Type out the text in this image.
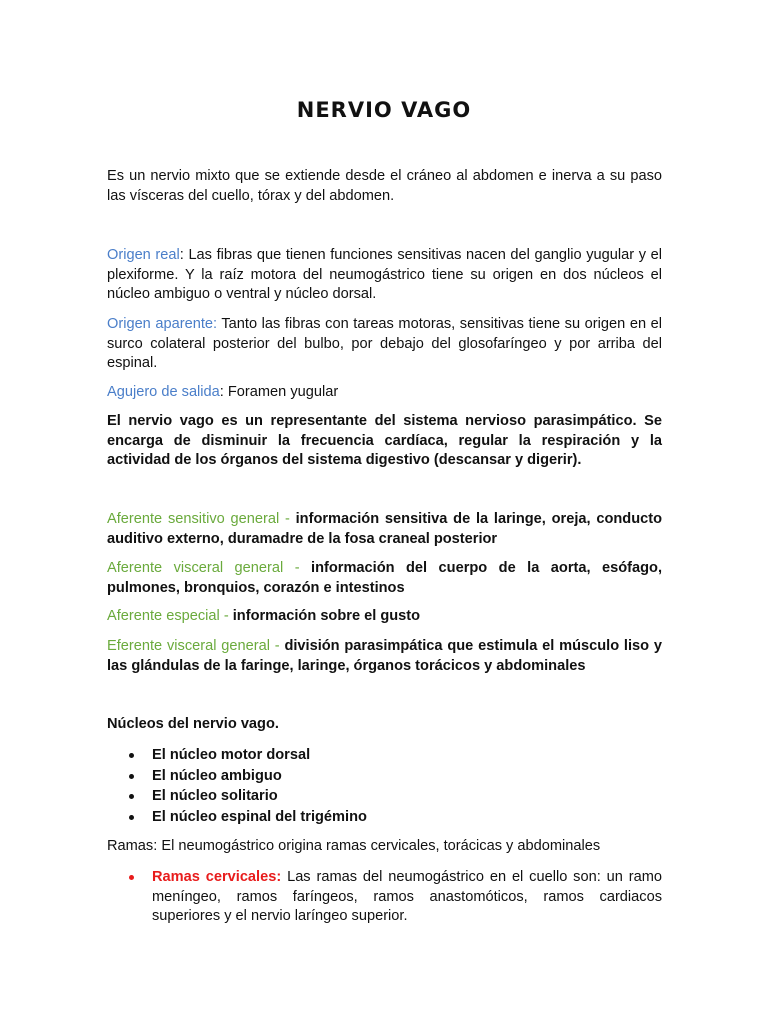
NERVIO VAGO

Es un nervio mixto que se extiende desde el cráneo al abdomen e inerva a su paso las vísceras del cuello, tórax y del abdomen.

Origen real: Las fibras que tienen funciones sensitivas nacen del ganglio yugular y el plexiforme. Y la raíz motora del neumogástrico tiene su origen en dos núcleos el núcleo ambiguo o ventral y núcleo dorsal.

Origen aparente: Tanto las fibras con tareas motoras, sensitivas tiene su origen en el surco colateral posterior del bulbo, por debajo del glosofaríngeo y por arriba del espinal.

Agujero de salida: Foramen yugular

El nervio vago es un representante del sistema nervioso parasimpático. Se encarga de disminuir la frecuencia cardíaca, regular la respiración y la actividad de los órganos del sistema digestivo (descansar y digerir).

Aferente sensitivo general - información sensitiva de la laringe, oreja, conducto auditivo externo, duramadre de la fosa craneal posterior

Aferente visceral general - información del cuerpo de la aorta, esófago, pulmones, bronquios, corazón e intestinos

Aferente especial - información sobre el gusto

Eferente visceral general - división parasimpática que estimula el músculo liso y las glándulas de la faringe, laringe, órganos torácicos y abdominales

Núcleos del nervio vago.

El núcleo motor dorsal
El núcleo ambiguo
El núcleo solitario
El núcleo espinal del trigémino

Ramas: El neumogástrico origina ramas cervicales, torácicas y abdominales

Ramas cervicales: Las ramas del neumogástrico en el cuello son: un ramo meníngeo, ramos faríngeos, ramos anastomóticos, ramos cardiacos superiores y el nervio laríngeo superior.
